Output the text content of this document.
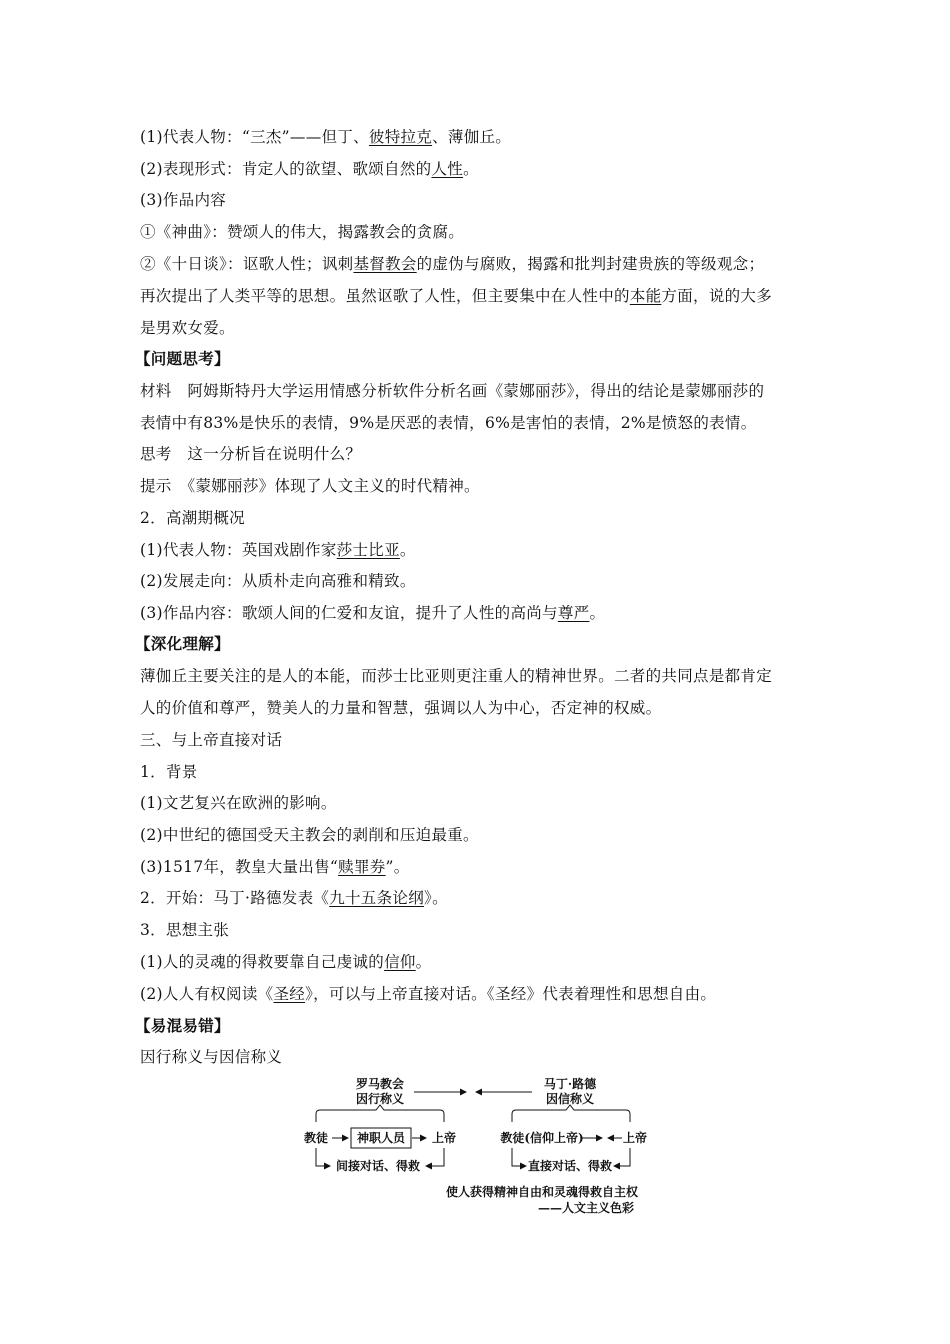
(1)代表人物：“三杰”——但丁、彼特拉克、薄伽丘。
(2)表现形式：肯定人的欲望、歌颂自然的人性。
(3)作品内容
①《神曲》：赞颂人的伟大，揭露教会的贪腐。
②《十日谈》：讴歌人性；讽刺基督教会的虚伪与腐败，揭露和批判封建贵族的等级观念；
再次提出了人类平等的思想。虽然讴歌了人性，但主要集中在人性中的本能方面，说的大多
是男欢女爱。
【问题思考】
材料　阿姆斯特丹大学运用情感分析软件分析名画《蒙娜丽莎》，得出的结论是蒙娜丽莎的
表情中有83%是快乐的表情，9%是厌恶的表情，6%是害怕的表情，2%是愤怒的表情。
思考　这一分析旨在说明什么？
提示　《蒙娜丽莎》体现了人文主义的时代精神。
2．高潮期概况
(1)代表人物：英国戏剧作家莎士比亚。
(2)发展走向：从质朴走向高雅和精致。
(3)作品内容：歌颂人间的仁爱和友谊，提升了人性的高尚与尊严。
【深化理解】
薄伽丘主要关注的是人的本能，而莎士比亚则更注重人的精神世界。二者的共同点是都肯定
人的价值和尊严，赞美人的力量和智慧，强调以人为中心，否定神的权威。
三、与上帝直接对话
1．背景
(1)文艺复兴在欧洲的影响。
(2)中世纪的德国受天主教会的剥削和压迫最重。
(3)1517年，教皇大量出售“赎罪券”。
2．开始：马丁·路德发表《九十五条论纲》。
3．思想主张
(1)人的灵魂的得救要靠自己虔诚的信仰。
(2)人人有权阅读《圣经》，可以与上帝直接对话。《圣经》代表着理性和思想自由。
【易混易错】
因行称义与因信称义
罗马教会
因行称义
马丁·路德
因信称义
教徒 神职人员 上帝	教徒(信仰上帝)	上帝
间接对话、得救	直接对话、得救
使人获得精神自由和灵魂得救自主权
——人文主义色彩
